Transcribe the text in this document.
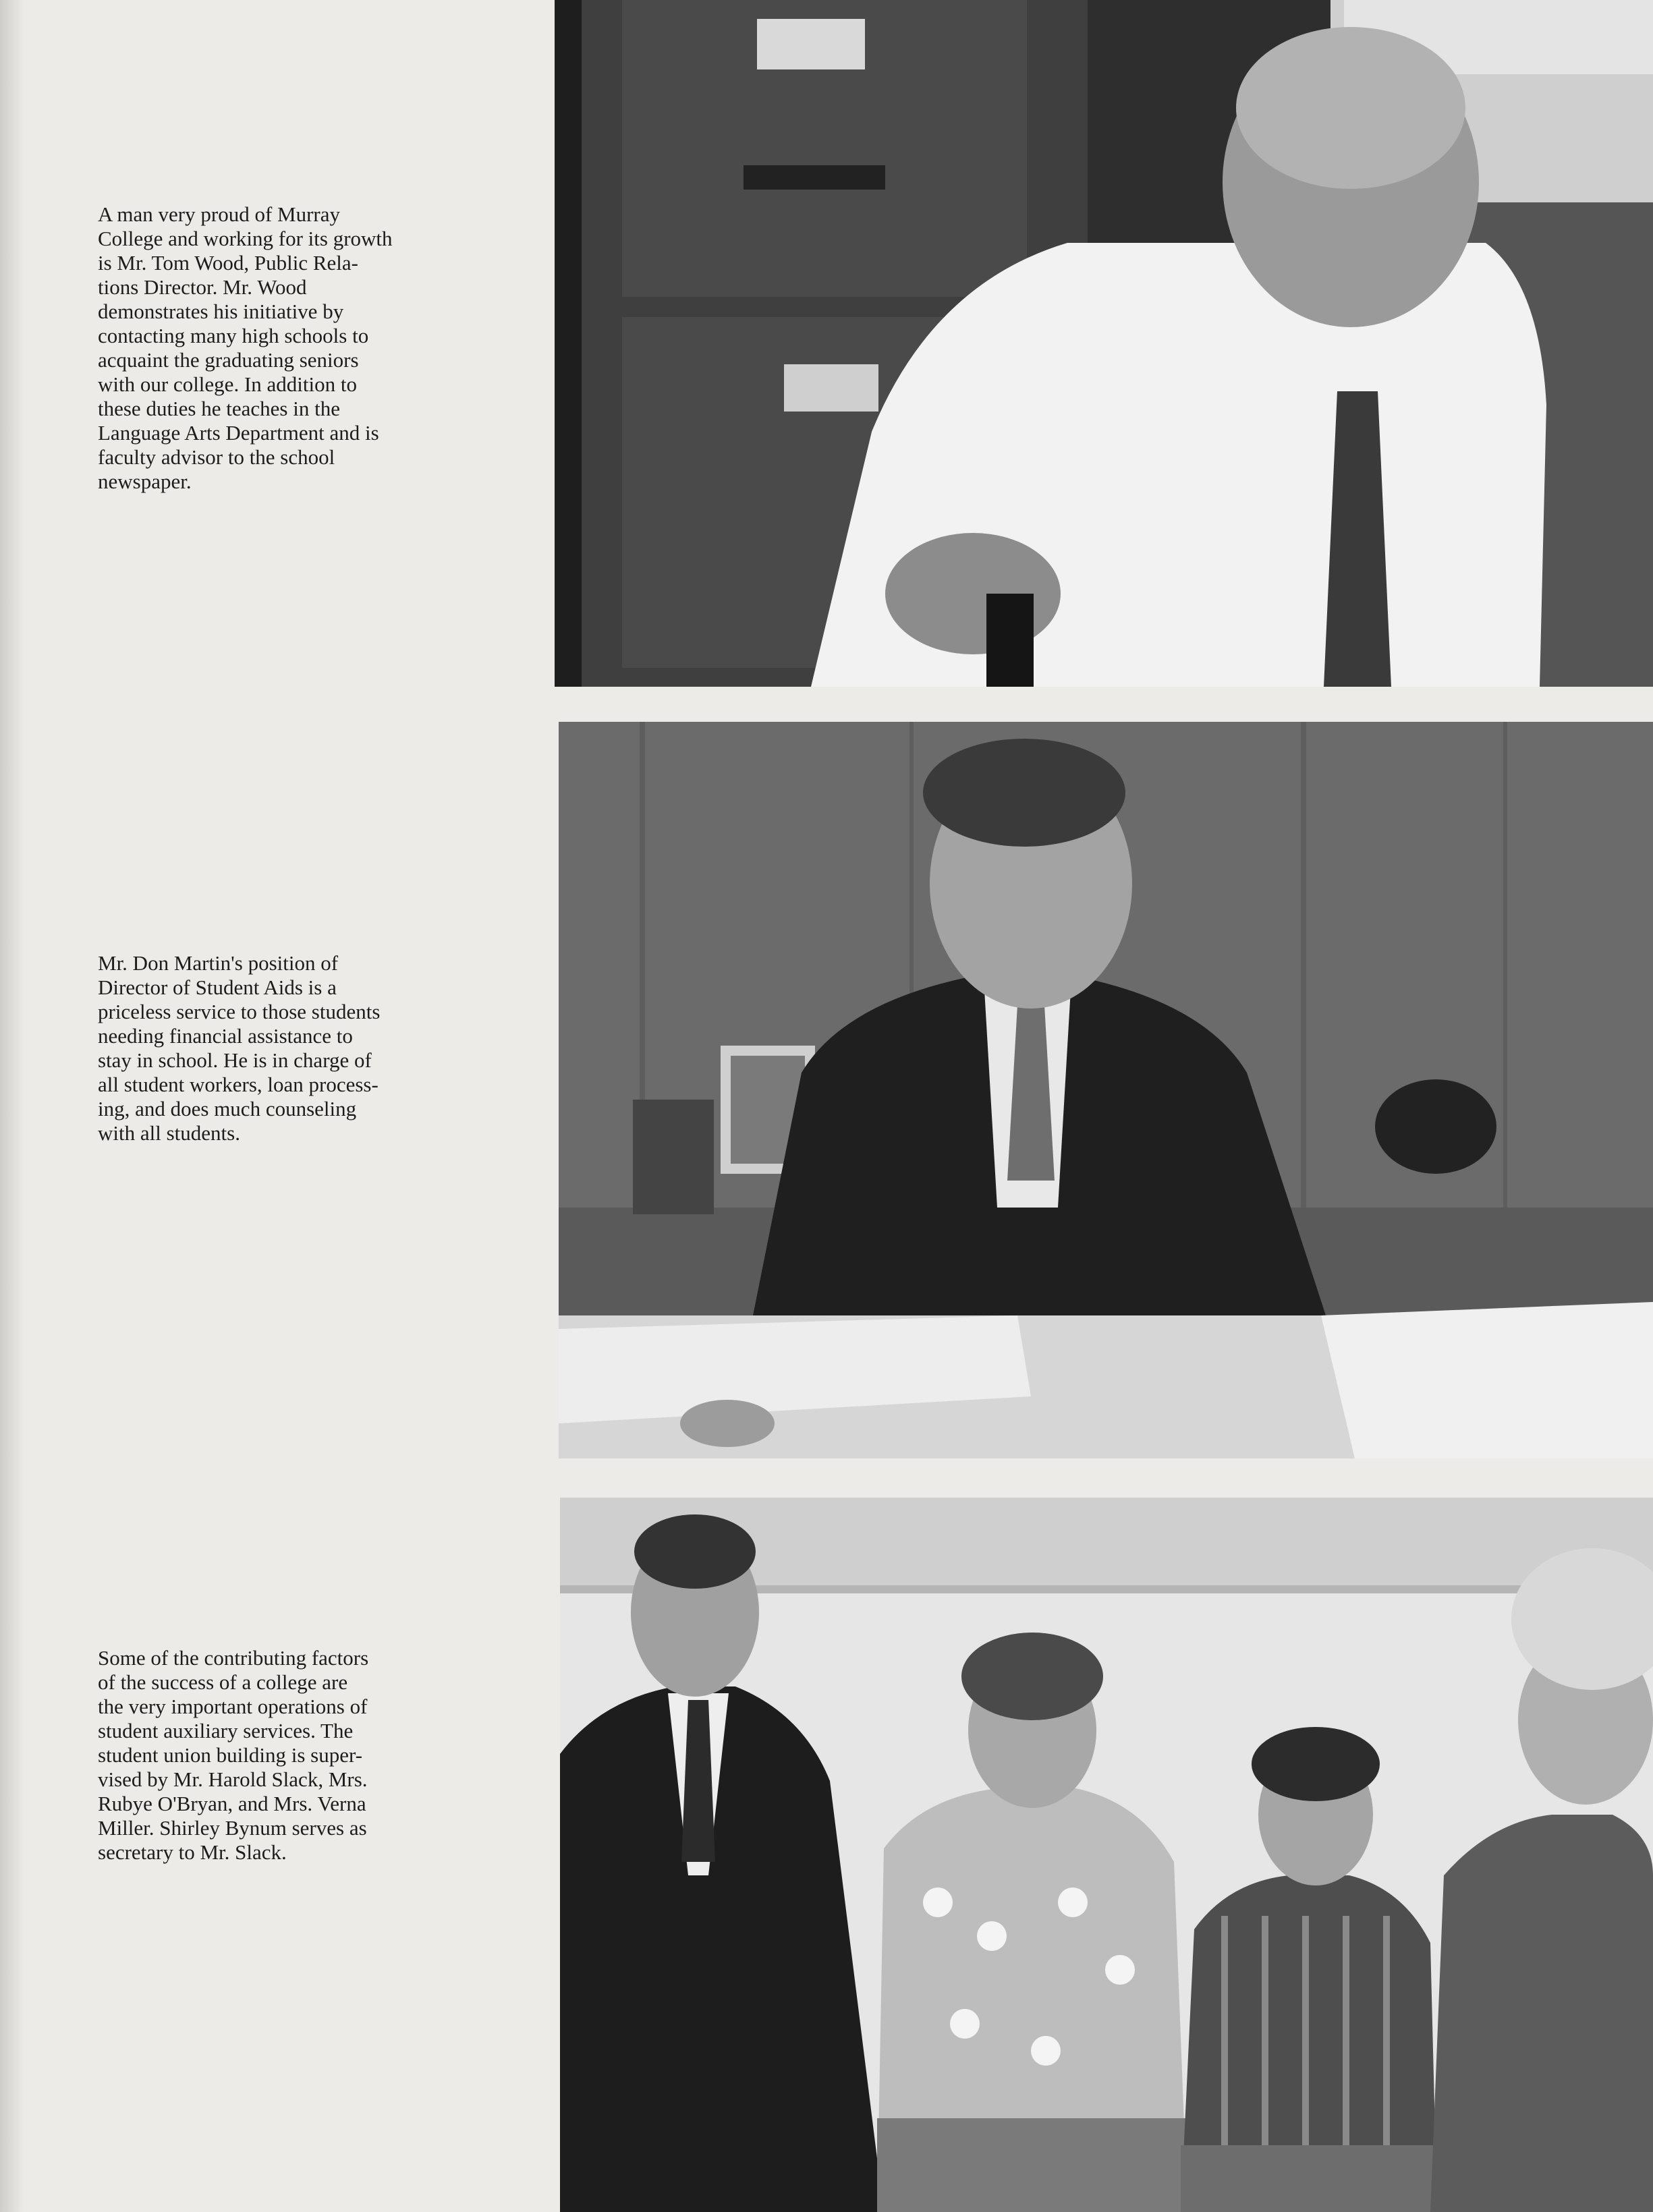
A man very proud of Murray
College and working for its growth
is Mr. Tom Wood, Public Rela-
tions Director. Mr. Wood
demonstrates his initiative by
contacting many high schools to
acquaint the graduating seniors
with our college. In addition to
these duties he teaches in the
Language Arts Department and is
faculty advisor to the school
newspaper.

Mr. Don Martin's position of
Director of Student Aids is a
priceless service to those students
needing financial assistance to
stay in school. He is in charge of
all student workers, loan process-
ing, and does much counseling
with all students.

Some of the contributing factors
of the success of a college are
the very important operations of
student auxiliary services. The
student union building is super-
vised by Mr. Harold Slack, Mrs.
Rubye O'Bryan, and Mrs. Verna
Miller. Shirley Bynum serves as
secretary to Mr. Slack.
